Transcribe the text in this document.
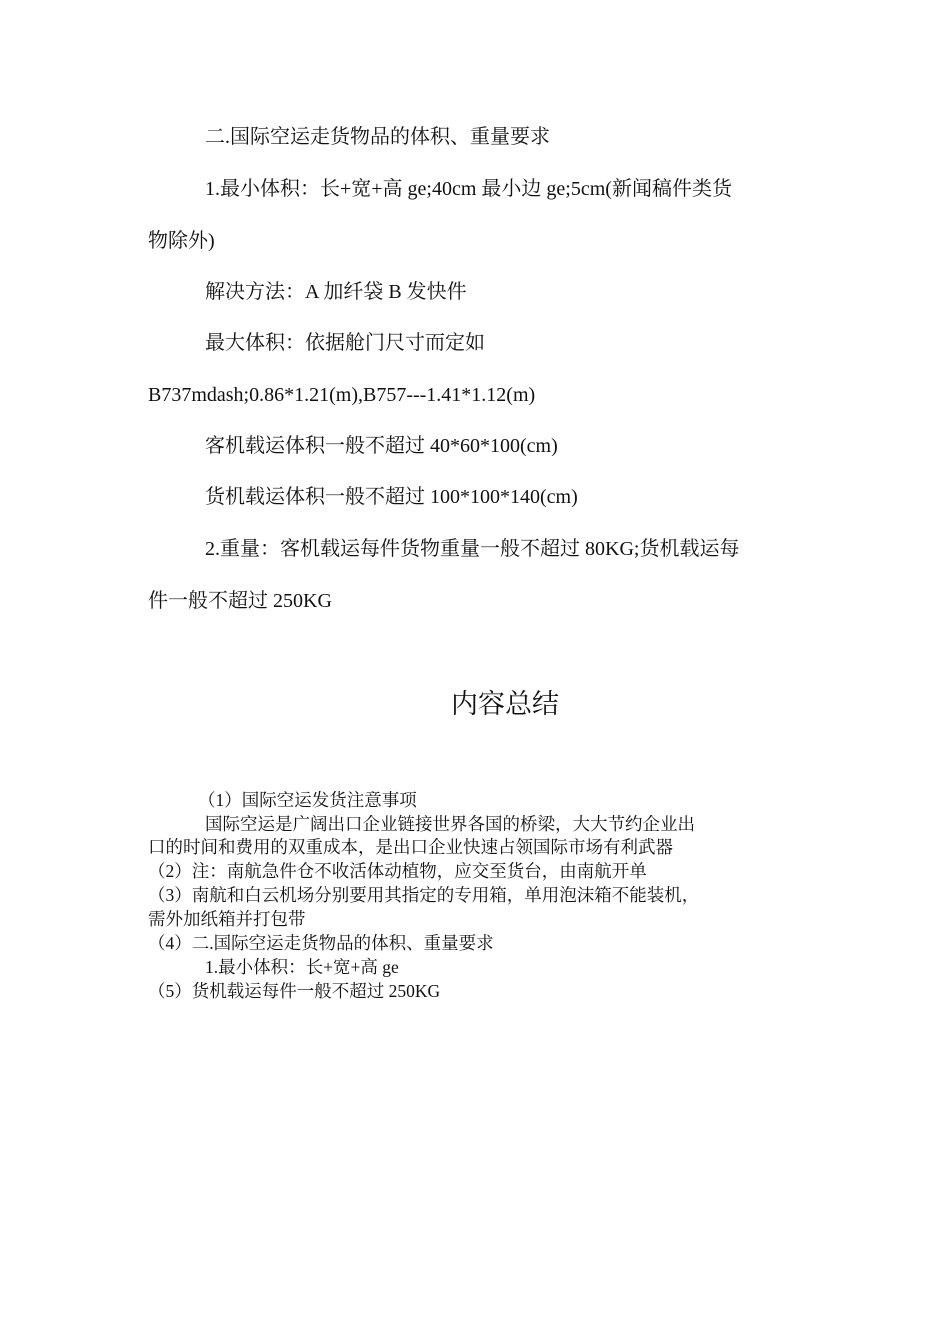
二.国际空运走货物品的体积、重量要求
1.最小体积：长+宽+高 ge;40cm 最小边 ge;5cm(新闻稿件类货
物除外)
解决方法：A 加纤袋 B 发快件
最大体积：依据舱门尺寸而定如
B737mdash;0.86*1.21(m),B757---1.41*1.12(m)
客机载运体积一般不超过 40*60*100(cm)
货机载运体积一般不超过 100*100*140(cm)
2.重量：客机载运每件货物重量一般不超过 80KG;货机载运每
件一般不超过 250KG
内容总结
（1）国际空运发货注意事项
国际空运是广阔出口企业链接世界各国的桥梁，大大节约企业出
口的时间和费用的双重成本，是出口企业快速占领国际市场有利武器
（2）注：南航急件仓不收活体动植物，应交至货台，由南航开单
（3）南航和白云机场分别要用其指定的专用箱，单用泡沫箱不能装机，
需外加纸箱并打包带
（4）二.国际空运走货物品的体积、重量要求
1.最小体积：长+宽+高 ge
（5）货机载运每件一般不超过 250KG
